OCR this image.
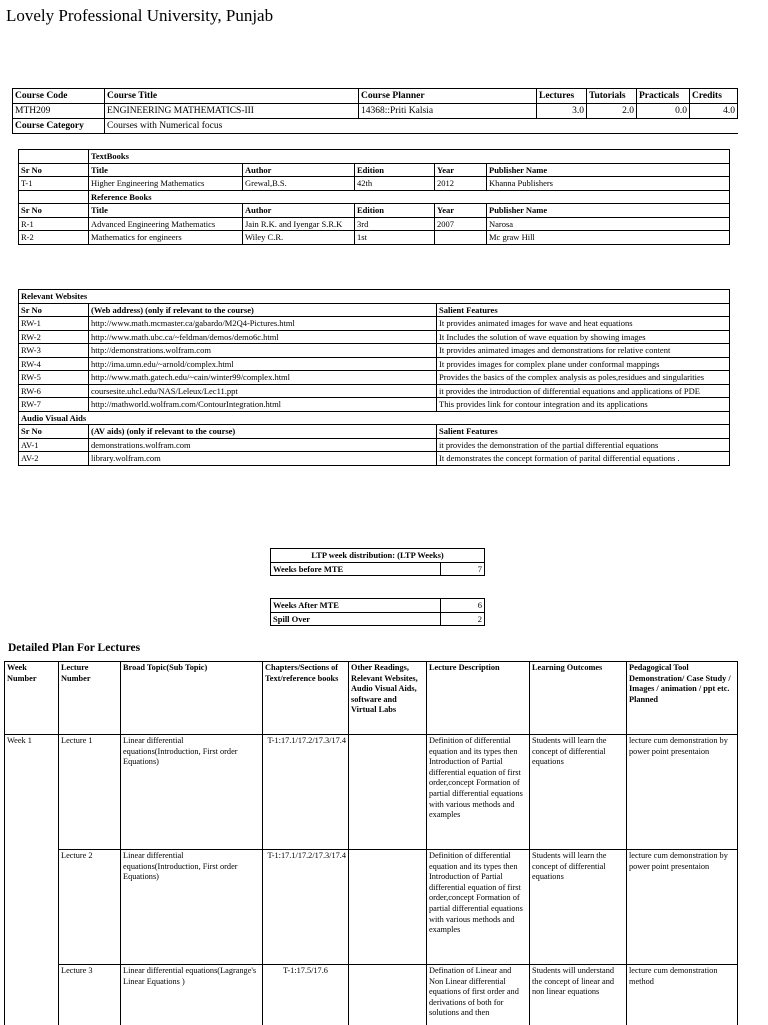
Lovely Professional University, Punjab
Course Code	Course Title	Course Planner	Lectures	Tutorials	Practicals	Credits
MTH209	ENGINEERING MATHEMATICS-III	14368::Priti Kalsia	3.0	2.0	0.0	4.0
Course Category	Courses with Numerical focus					
	TextBooks				
Sr No	Title	Author	Edition	Year	Publisher Name
T-1	Higher Engineering Mathematics	Grewal,B.S.	42th	2012	Khanna Publishers
	Reference Books				
Sr No	Title	Author	Edition	Year	Publisher Name
R-1	Advanced Engineering Mathematics	Jain R.K. and Iyengar S.R.K	3rd	2007	Narosa
R-2	Mathematics for engineers	Wiley C.R.	1st		Mc graw Hill
Relevant Websites		
Sr No	(Web address) (only if relevant to the course)	Salient Features
RW-1	http://www.math.mcmaster.ca/gabardo/M2Q4-Pictures.html	It provides animated images for wave and heat equations
RW-2	http://www.math.ubc.ca/~feldman/demos/demo6c.html	It Includes the solution of wave equation by showing images
RW-3	http://demonstrations.wolfram.com	It provides animated images and demonstrations for relative content
RW-4	http://ima.umn.edu/~arnold/complex.html	It provides images for complex plane under conformal mappings
RW-5	http://www.math.gatech.edu/~cain/winter99/complex.html	Provides the basics of the complex analysis as poles,residues and singularities
RW-6	coursesite.uhcl.edu/NAS/Leleux/Lec11.ppt	it provides the introduction of differential equations and applications of PDE
RW-7	http://mathworld.wolfram.com/ContourIntegration.html	This provides link for contour integration and its applications
Audio Visual Aids		
Sr No	(AV aids) (only if relevant to the course)	Salient Features
AV-1	demonstrations.wolfram.com	it provides the demonstration of the partial differential equations
AV-2	library.wolfram.com	It demonstrates the concept formation of parital differential equations .
LTP week distribution: (LTP Weeks)
Weeks before MTE	7
Weeks After MTE	6
Spill Over	2
Detailed Plan For Lectures
Week Number	Lecture Number	Broad Topic(Sub Topic)	Chapters/Sections of Text/reference books	Other Readings, Relevant Websites, Audio Visual Aids, software and Virtual Labs	Lecture Description	Learning Outcomes	Pedagogical Tool Demonstration/ Case Study / Images / animation / ppt etc. Planned
Week 1	Lecture 1	Linear differential equations(Introduction, First order Equations)	T-1:17.1/17.2/17.3/17.4		Definition of differential equation and its types then Introduction of Partial differential equation of first order,concept Formation of partial differential equations with various methods and examples	Students will learn the concept of differential equations	lecture cum demonstration by power point presentaion
	Lecture 2	Linear differential equations(Introduction, First order Equations)	T-1:17.1/17.2/17.3/17.4		Definition of differential equation and its types then Introduction of Partial differential equation of first order,concept Formation of partial differential equations with various methods and examples	Students will learn the concept of differential equations	lecture cum demonstration by power point presentaion
	Lecture 3	Linear differential equations(Lagrange's Linear Equations )	T-1:17.5/17.6		Defination of Linear and Non Linear differential equations of first order and derivations of both for solutions and then	Students will understand the concept of linear and non linear equations	lecture cum demonstration method
